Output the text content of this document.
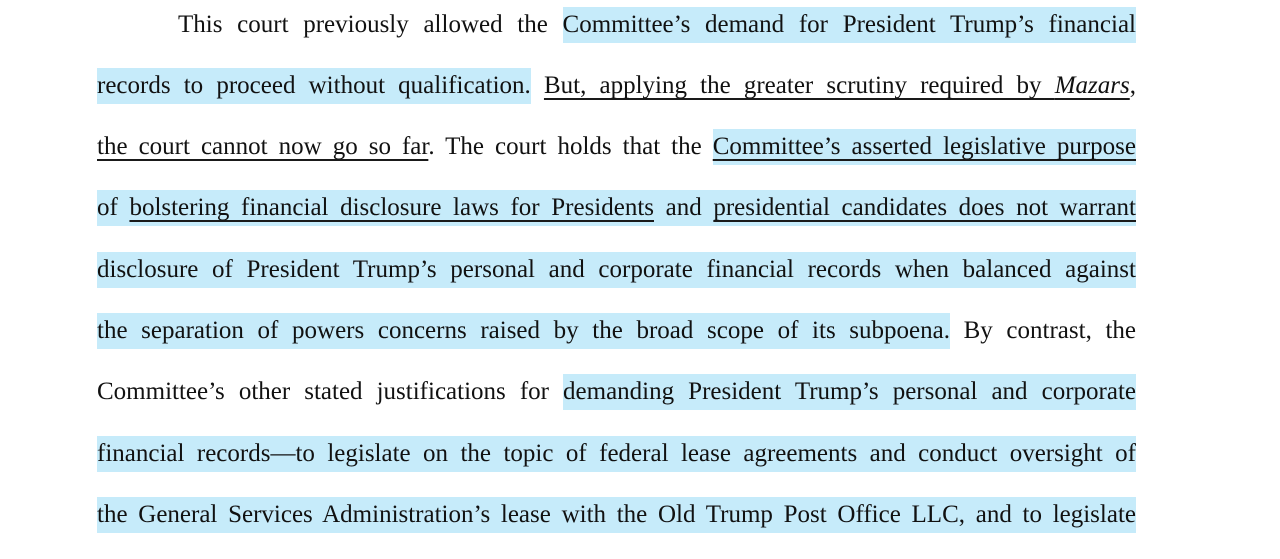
This court previously allowed the Committee’s demand for President Trump’s financial
records to proceed without qualification. But, applying the greater scrutiny required by Mazars,
the court cannot now go so far. The court holds that the Committee’s asserted legislative purpose
of bolstering financial disclosure laws for Presidents and presidential candidates does not warrant
disclosure of President Trump’s personal and corporate financial records when balanced against
the separation of powers concerns raised by the broad scope of its subpoena. By contrast, the
Committee’s other stated justifications for demanding President Trump’s personal and corporate
financial records—to legislate on the topic of federal lease agreements and conduct oversight of
the General Services Administration’s lease with the Old Trump Post Office LLC, and to legislate
